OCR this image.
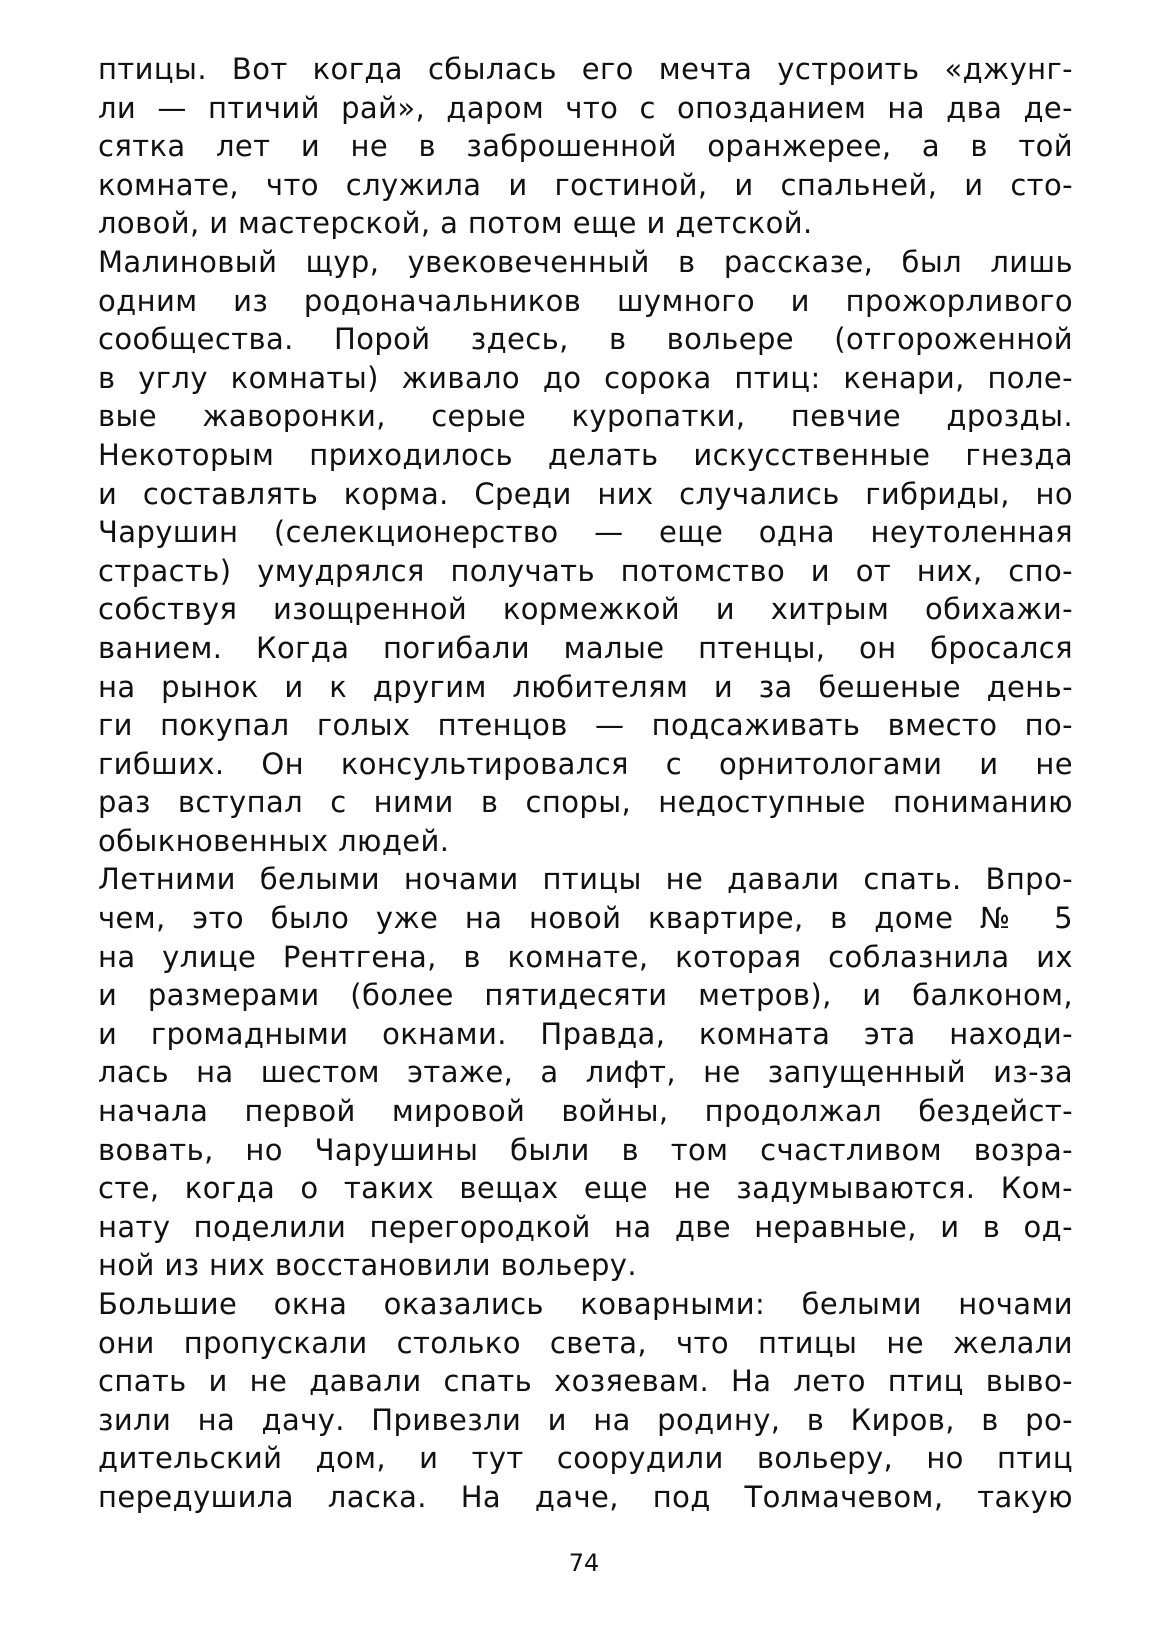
птицы. Вот когда сбылась его мечта устроить «джунг-
ли — птичий рай», даром что с опозданием на два де-
сятка лет и не в заброшенной оранжерее, а в той
комнате, что служила и гостиной, и спальней, и сто-
ловой, и мастерской, а потом еще и детской.
Малиновый щур, увековеченный в рассказе, был лишь
одним из родоначальников шумного и прожорливого
сообщества. Порой здесь, в вольере (отгороженной
в углу комнаты) живало до сорока птиц: кенари, поле-
вые жаворонки, серые куропатки, певчие дрозды.
Некоторым приходилось делать искусственные гнезда
и составлять корма. Среди них случались гибриды, но
Чарушин (селекционерство — еще одна неутоленная
страсть) умудрялся получать потомство и от них, спо-
собствуя изощренной кормежкой и хитрым обихажи-
ванием. Когда погибали малые птенцы, он бросался
на рынок и к другим любителям и за бешеные день-
ги покупал голых птенцов — подсаживать вместо по-
гибших. Он консультировался с орнитологами и не
раз вступал с ними в споры, недоступные пониманию
обыкновенных людей.
Летними белыми ночами птицы не давали спать. Впро-
чем, это было уже на новой квартире, в доме № 5
на улице Рентгена, в комнате, которая соблазнила их
и размерами (более пятидесяти метров), и балконом,
и громадными окнами. Правда, комната эта находи-
лась на шестом этаже, а лифт, не запущенный из-за
начала первой мировой войны, продолжал бездейст-
вовать, но Чарушины были в том счастливом возра-
сте, когда о таких вещах еще не задумываются. Ком-
нату поделили перегородкой на две неравные, и в од-
ной из них восстановили вольеру.
Большие окна оказались коварными: белыми ночами
они пропускали столько света, что птицы не желали
спать и не давали спать хозяевам. На лето птиц выво-
зили на дачу. Привезли и на родину, в Киров, в ро-
дительский дом, и тут соорудили вольеру, но птиц
передушила ласка. На даче, под Толмачевом, такую
74
